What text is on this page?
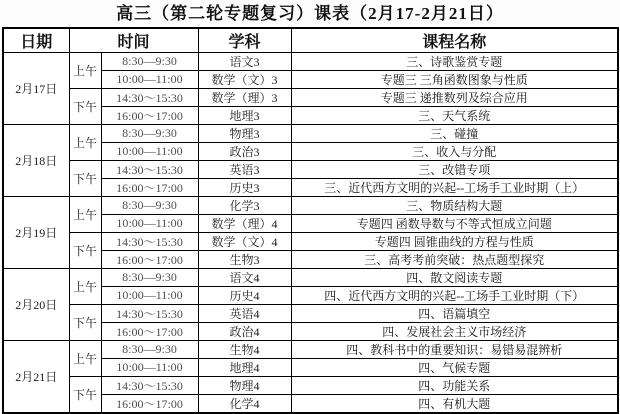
高三（第二轮专题复习）课表（2月17-2月21日）
日期	时间		学科	课程名称
2月17日	上午	8:30—9:30	语文3	三、诗歌鉴赏专题
		10:00—11:00	数学（文）3	专题三 三角函数图象与性质
	下午	14:30～15:30	数学（理）3	专题三 递推数列及综合应用
		16:00～17:00	地理3	三、天气系统
2月18日	上午	8:30—9:30	物理3	三、碰撞
		10:00—11:00	政治3	三、收入与分配
	下午	14:30～15:30	英语3	三、改错专项
		16:00～17:00	历史3	三、近代西方文明的兴起--工场手工业时期（上）
2月19日	上午	8:30—9:30	化学3	三、物质结构大题
		10:00—11:00	数学（理）4	专题四 函数导数与不等式恒成立问题
	下午	14:30～15:30	数学（文）4	专题四 圆锥曲线的方程与性质
		16:00～17:00	生物3	三、高考考前突破：热点题型探究
2月20日	上午	8:30—9:30	语文4	四、散文阅读专题
		10:00—11:00	历史4	四、近代西方文明的兴起--工场手工业时期（下）
	下午	14:30～15:30	英语4	四、语篇填空
		16:00～17:00	政治4	四、发展社会主义市场经济
2月21日	上午	8:30—9:30	生物4	四、教科书中的重要知识：易错易混辨析
		10:00—11:00	地理4	四、气候专题
	下午	14:30～15:30	物理4	四、功能关系
		16:00～17:00	化学4	四、有机大题
